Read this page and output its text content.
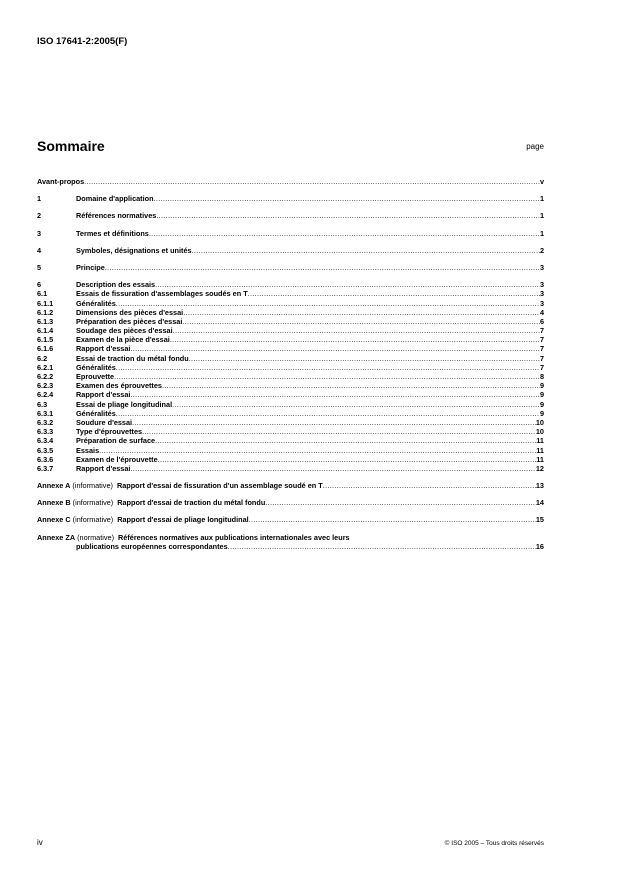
ISO 17641-2:2005(F)
Sommaire	page
Avant-propos .....	v
1	Domaine d'application .....	1
2	Références normatives .....	1
3	Termes et définitions .....	1
4	Symboles, désignations et unités .....	2
5	Principe .....	3
6	Description des essais .....	3
6.1	Essais de fissuration d'assemblages soudés en T .....	3
6.1.1	Généralités .....	3
6.1.2	Dimensions des pièces d'essai .....	4
6.1.3	Préparation des pièces d'essai .....	6
6.1.4	Soudage des pièces d'essai .....	7
6.1.5	Examen de la pièce d'essai .....	7
6.1.6	Rapport d'essai .....	7
6.2	Essai de traction du métal fondu .....	7
6.2.1	Généralités .....	7
6.2.2	Eprouvette .....	8
6.2.3	Examen des éprouvettes .....	9
6.2.4	Rapport d'essai .....	9
6.3	Essai de pliage longitudinal .....	9
6.3.1	Généralités .....	9
6.3.2	Soudure d'essai .....	10
6.3.3	Type d'éprouvettes .....	10
6.3.4	Préparation de surface .....	11
6.3.5	Essais .....	11
6.3.6	Examen de l'éprouvette .....	11
6.3.7	Rapport d'essai .....	12
Annexe A (informative) Rapport d'essai de fissuration d'un assemblage soudé en T .....	13
Annexe B (informative) Rapport d'essai de traction du métal fondu .....	14
Annexe C (informative) Rapport d'essai de pliage longitudinal .....	15
Annexe ZA (normative) Références normatives aux publications internationales avec leurs
publications européennes correspondantes .....	16
iv	© ISO 2005 – Tous droits réservés
